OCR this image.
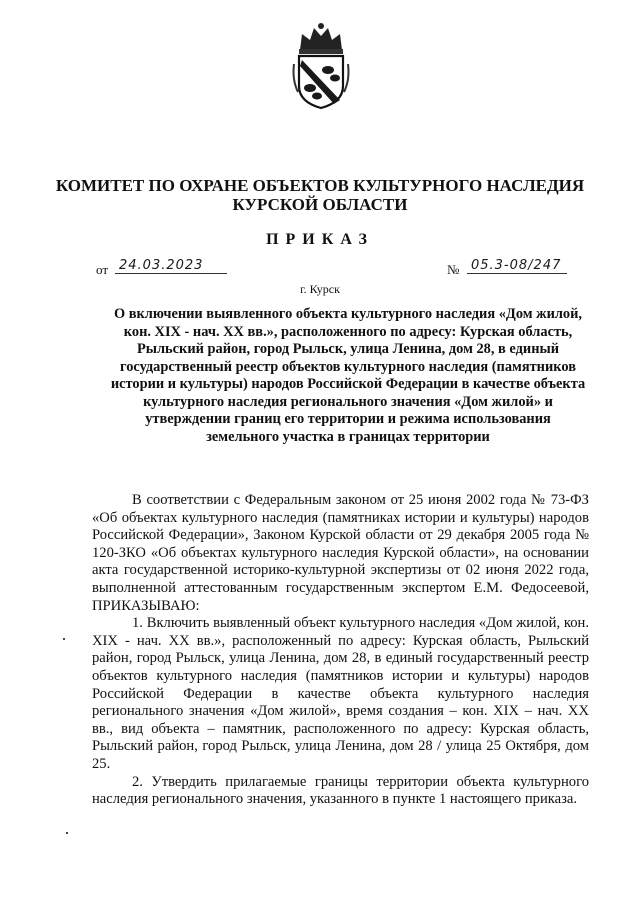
КОМИТЕТ ПО ОХРАНЕ ОБЪЕКТОВ КУЛЬТУРНОГО НАСЛЕДИЯ
КУРСКОЙ ОБЛАСТИ
ПРИКАЗ
от 24.03.2023	№ 05.3-08/247
г. Курск
О включении выявленного объекта культурного наследия «Дом жилой, кон. XIX - нач. XX вв.», расположенного по адресу: Курская область, Рыльский район, город Рыльск, улица Ленина, дом 28, в единый государственный реестр объектов культурного наследия (памятников истории и культуры) народов Российской Федерации в качестве объекта культурного наследия регионального значения «Дом жилой» и утверждении границ его территории и режима использования земельного участка в границах территории

В соответствии с Федеральным законом от 25 июня 2002 года № 73-ФЗ «Об объектах культурного наследия (памятниках истории и культуры) народов Российской Федерации», Законом Курской области от 29 декабря 2005 года № 120-ЗКО «Об объектах культурного наследия Курской области», на основании акта государственной историко-культурной экспертизы от 02 июня 2022 года, выполненной аттестованным государственным экспертом Е.М. Федосеевой, ПРИКАЗЫВАЮ:

1. Включить выявленный объект культурного наследия «Дом жилой, кон. XIX - нач. XX вв.», расположенный по адресу: Курская область, Рыльский район, город Рыльск, улица Ленина, дом 28, в единый государственный реестр объектов культурного наследия (памятников истории и культуры) народов Российской Федерации в качестве объекта культурного наследия регионального значения «Дом жилой», время создания – кон. XIX – нач. XX вв., вид объекта – памятник, расположенного по адресу: Курская область, Рыльский район, город Рыльск, улица Ленина, дом 28 / улица 25 Октября, дом 25.

2. Утвердить прилагаемые границы территории объекта культурного наследия регионального значения, указанного в пункте 1 настоящего приказа.
